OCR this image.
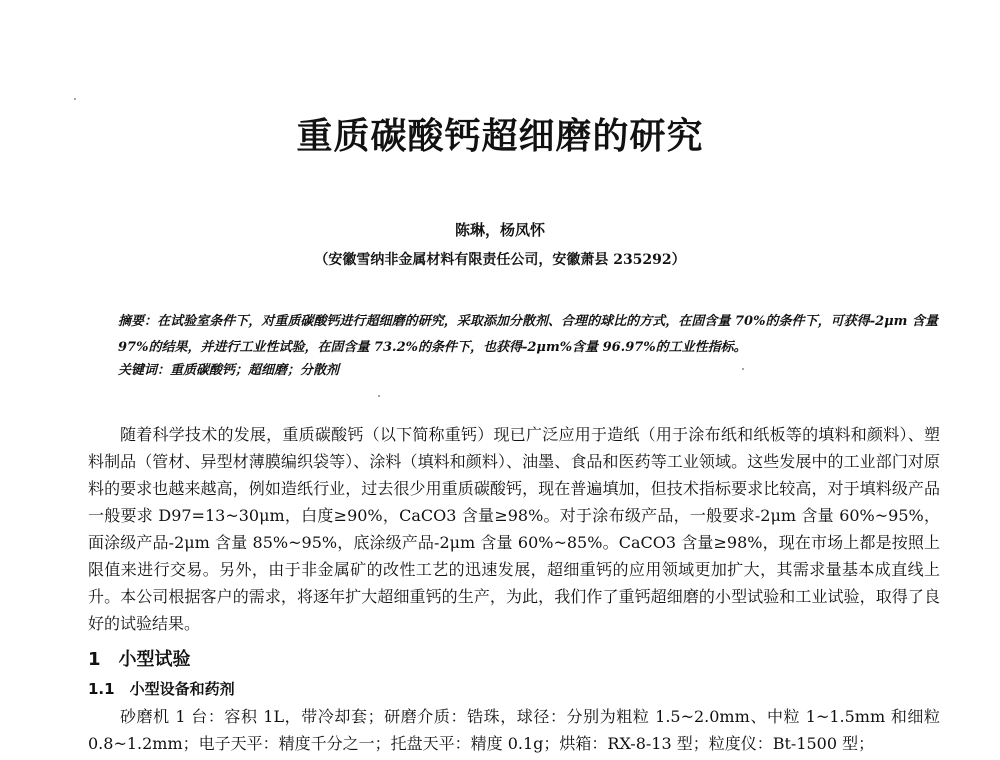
重质碳酸钙超细磨的研究
陈琳，杨凤怀
（安徽雪纳非金属材料有限责任公司，安徽萧县 235292）
摘要：在试验室条件下，对重质碳酸钙进行超细磨的研究，采取添加分散剂、合理的球比的方式，在固含量 70%的条件下，可获得-2μm 含量 97%的结果，并进行工业性试验，在固含量 73.2%的条件下，也获得-2μm%含量 96.97%的工业性指标。
关键词：重质碳酸钙；超细磨；分散剂
随着科学技术的发展，重质碳酸钙（以下简称重钙）现已广泛应用于造纸（用于涂布纸和纸板等的填料和颜料）、塑料制品（管材、异型材薄膜编织袋等）、涂料（填料和颜料）、油墨、食品和医药等工业领域。这些发展中的工业部门对原料的要求也越来越高，例如造纸行业，过去很少用重质碳酸钙，现在普遍填加，但技术指标要求比较高，对于填料级产品一般要求 D97=13~30μm，白度≥90%，CaCO3 含量≥98%。对于涂布级产品，一般要求-2μm 含量 60%~95%，面涂级产品-2μm 含量 85%~95%，底涂级产品-2μm 含量 60%~85%。CaCO3 含量≥98%，现在市场上都是按照上限值来进行交易。另外，由于非金属矿的改性工艺的迅速发展，超细重钙的应用领域更加扩大，其需求量基本成直线上升。本公司根据客户的需求，将逐年扩大超细重钙的生产，为此，我们作了重钙超细磨的小型试验和工业试验，取得了良好的试验结果。
1　小型试验
1.1　小型设备和药剂
砂磨机 1 台：容积 1L，带冷却套；研磨介质：锆珠，球径：分别为粗粒 1.5~2.0mm、中粒 1~1.5mm 和细粒 0.8~1.2mm；电子天平：精度千分之一；托盘天平：精度 0.1g；烘箱：RX-8-13 型；粒度仪：Bt-1500 型；
